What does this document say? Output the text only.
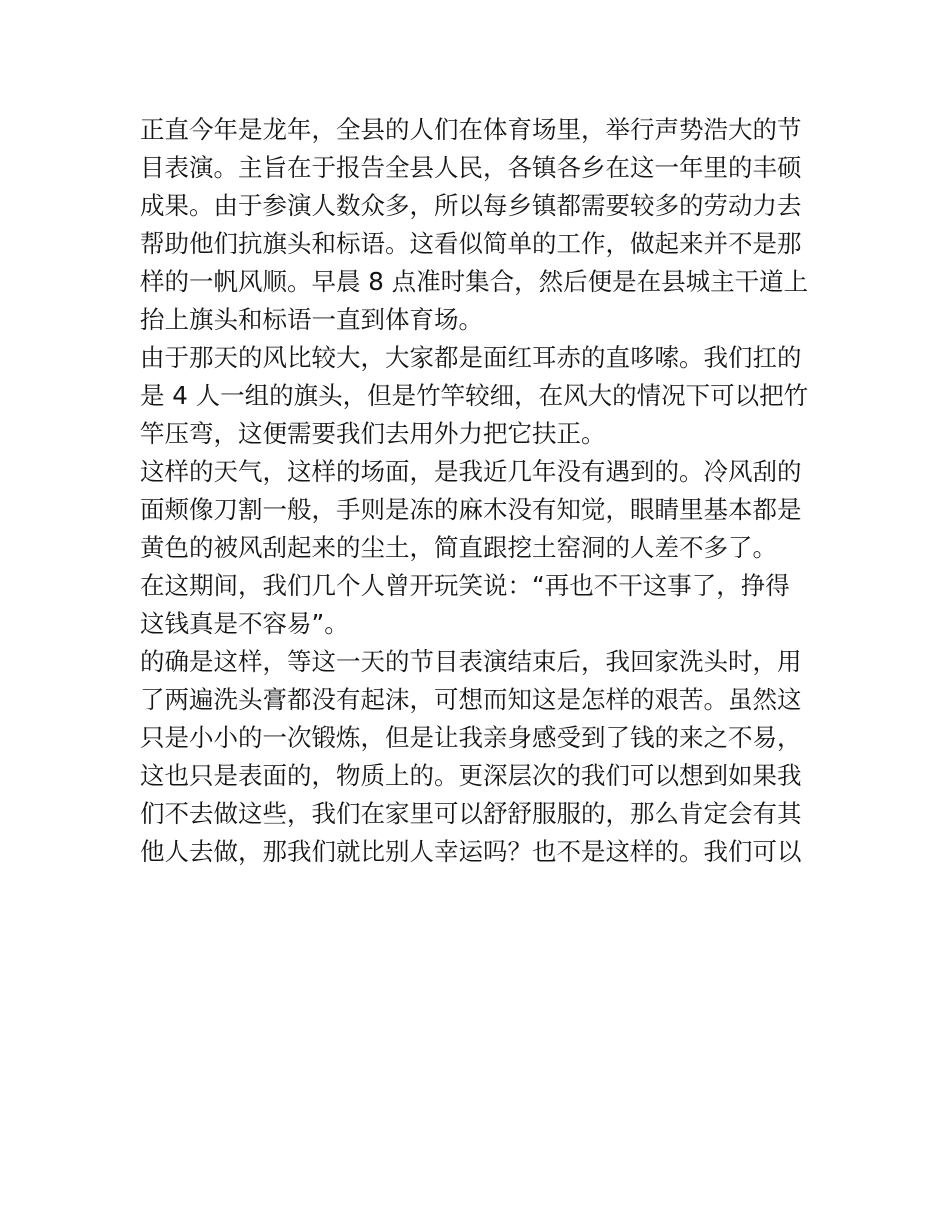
正直今年是龙年，全县的人们在体育场里，举行声势浩大的节
目表演。主旨在于报告全县人民，各镇各乡在这一年里的丰硕
成果。由于参演人数众多，所以每乡镇都需要较多的劳动力去
帮助他们抗旗头和标语。这看似简单的工作，做起来并不是那
样的一帆风顺。早晨 8 点准时集合，然后便是在县城主干道上
抬上旗头和标语一直到体育场。
由于那天的风比较大，大家都是面红耳赤的直哆嗦。我们扛的
是 4 人一组的旗头，但是竹竿较细，在风大的情况下可以把竹
竿压弯，这便需要我们去用外力把它扶正。
这样的天气，这样的场面，是我近几年没有遇到的。冷风刮的
面颊像刀割一般，手则是冻的麻木没有知觉，眼睛里基本都是
黄色的被风刮起来的尘土，简直跟挖土窑洞的人差不多了。
在这期间，我们几个人曾开玩笑说：“再也不干这事了，挣得
这钱真是不容易”。
的确是这样，等这一天的节目表演结束后，我回家洗头时，用
了两遍洗头膏都没有起沫，可想而知这是怎样的艰苦。虽然这
只是小小的一次锻炼，但是让我亲身感受到了钱的来之不易，
这也只是表面的，物质上的。更深层次的我们可以想到如果我
们不去做这些，我们在家里可以舒舒服服的，那么肯定会有其
他人去做，那我们就比别人幸运吗？也不是这样的。我们可以
